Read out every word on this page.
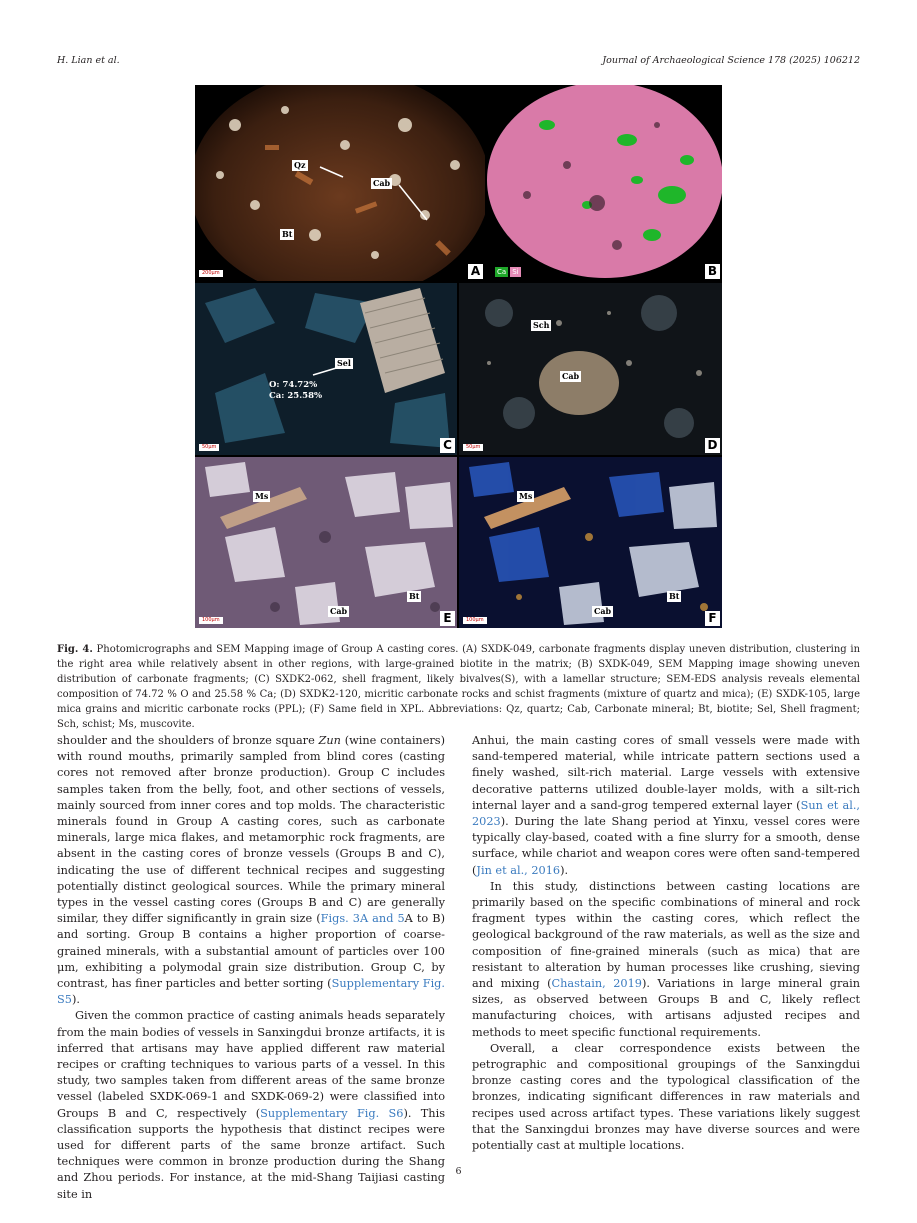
H. Lian et al.	Journal of Archaeological Science 178 (2025) 106212
Qz
Cab
Bt
200μm	A	Ca Si	B
Sel
O: 74.72%
Ca: 25.58%
50μm	C
Sch
Cab
50μm	D
Ms
Bt
Cab
100μm	E
Ms
Bt
Cab
100μm	F
Fig. 4. Photomicrographs and SEM Mapping image of Group A casting cores. (A) SXDK-049, carbonate fragments display uneven distribution, clustering in the right area while relatively absent in other regions, with large-grained biotite in the matrix; (B) SXDK-049, SEM Mapping image showing uneven distribution of carbonate fragments; (C) SXDK2-062, shell fragment, likely bivalves(S), with a lamellar structure; SEM-EDS analysis reveals elemental composition of 74.72 % O and 25.58 % Ca; (D) SXDK2-120, micritic carbonate rocks and schist fragments (mixture of quartz and mica); (E) SXDK-105, large mica grains and micritic carbonate rocks (PPL); (F) Same field in XPL. Abbreviations: Qz, quartz; Cab, Carbonate mineral; Bt, biotite; Sel, Shell fragment; Sch, schist; Ms, muscovite.

shoulder and the shoulders of bronze square Zun (wine containers) with round mouths, primarily sampled from blind cores (casting cores not removed after bronze production). Group C includes samples taken from the belly, foot, and other sections of vessels, mainly sourced from inner cores and top molds. The characteristic minerals found in Group A casting cores, such as carbonate minerals, large mica flakes, and metamorphic rock fragments, are absent in the casting cores of bronze vessels (Groups B and C), indicating the use of different technical recipes and suggesting potentially distinct geological sources. While the primary mineral types in the vessel casting cores (Groups B and C) are generally similar, they differ significantly in grain size (Figs. 3A and 5A to B) and sorting. Group B contains a higher proportion of coarse-grained minerals, with a substantial amount of particles over 100 μm, exhibiting a polymodal grain size distribution. Group C, by contrast, has finer particles and better sorting (Supplementary Fig. S5).

Given the common practice of casting animals heads separately from the main bodies of vessels in Sanxingdui bronze artifacts, it is inferred that artisans may have applied different raw material recipes or crafting techniques to various parts of a vessel. In this study, two samples taken from different areas of the same bronze vessel (labeled SXDK-069-1 and SXDK-069-2) were classified into Groups B and C, respectively (Supplementary Fig. S6). This classification supports the hypothesis that distinct recipes were used for different parts of the same bronze artifact. Such techniques were common in bronze production during the Shang and Zhou periods. For instance, at the mid-Shang Taijiasi casting site in

Anhui, the main casting cores of small vessels were made with sand-tempered material, while intricate pattern sections used a finely washed, silt-rich material. Large vessels with extensive decorative patterns utilized double-layer molds, with a silt-rich internal layer and a sand-grog tempered external layer (Sun et al., 2023). During the late Shang period at Yinxu, vessel cores were typically clay-based, coated with a fine slurry for a smooth, dense surface, while chariot and weapon cores were often sand-tempered (Jin et al., 2016).

In this study, distinctions between casting locations are primarily based on the specific combinations of mineral and rock fragment types within the casting cores, which reflect the geological background of the raw materials, as well as the size and composition of fine-grained minerals (such as mica) that are resistant to alteration by human processes like crushing, sieving and mixing (Chastain, 2019). Variations in large mineral grain sizes, as observed between Groups B and C, likely reflect manufacturing choices, with artisans adjusted recipes and methods to meet specific functional requirements.

Overall, a clear correspondence exists between the petrographic and compositional groupings of the Sanxingdui bronze casting cores and the typological classification of the bronzes, indicating significant differences in raw materials and recipes used across artifact types. These variations likely suggest that the Sanxingdui bronzes may have diverse sources and were potentially cast at multiple locations.

6
